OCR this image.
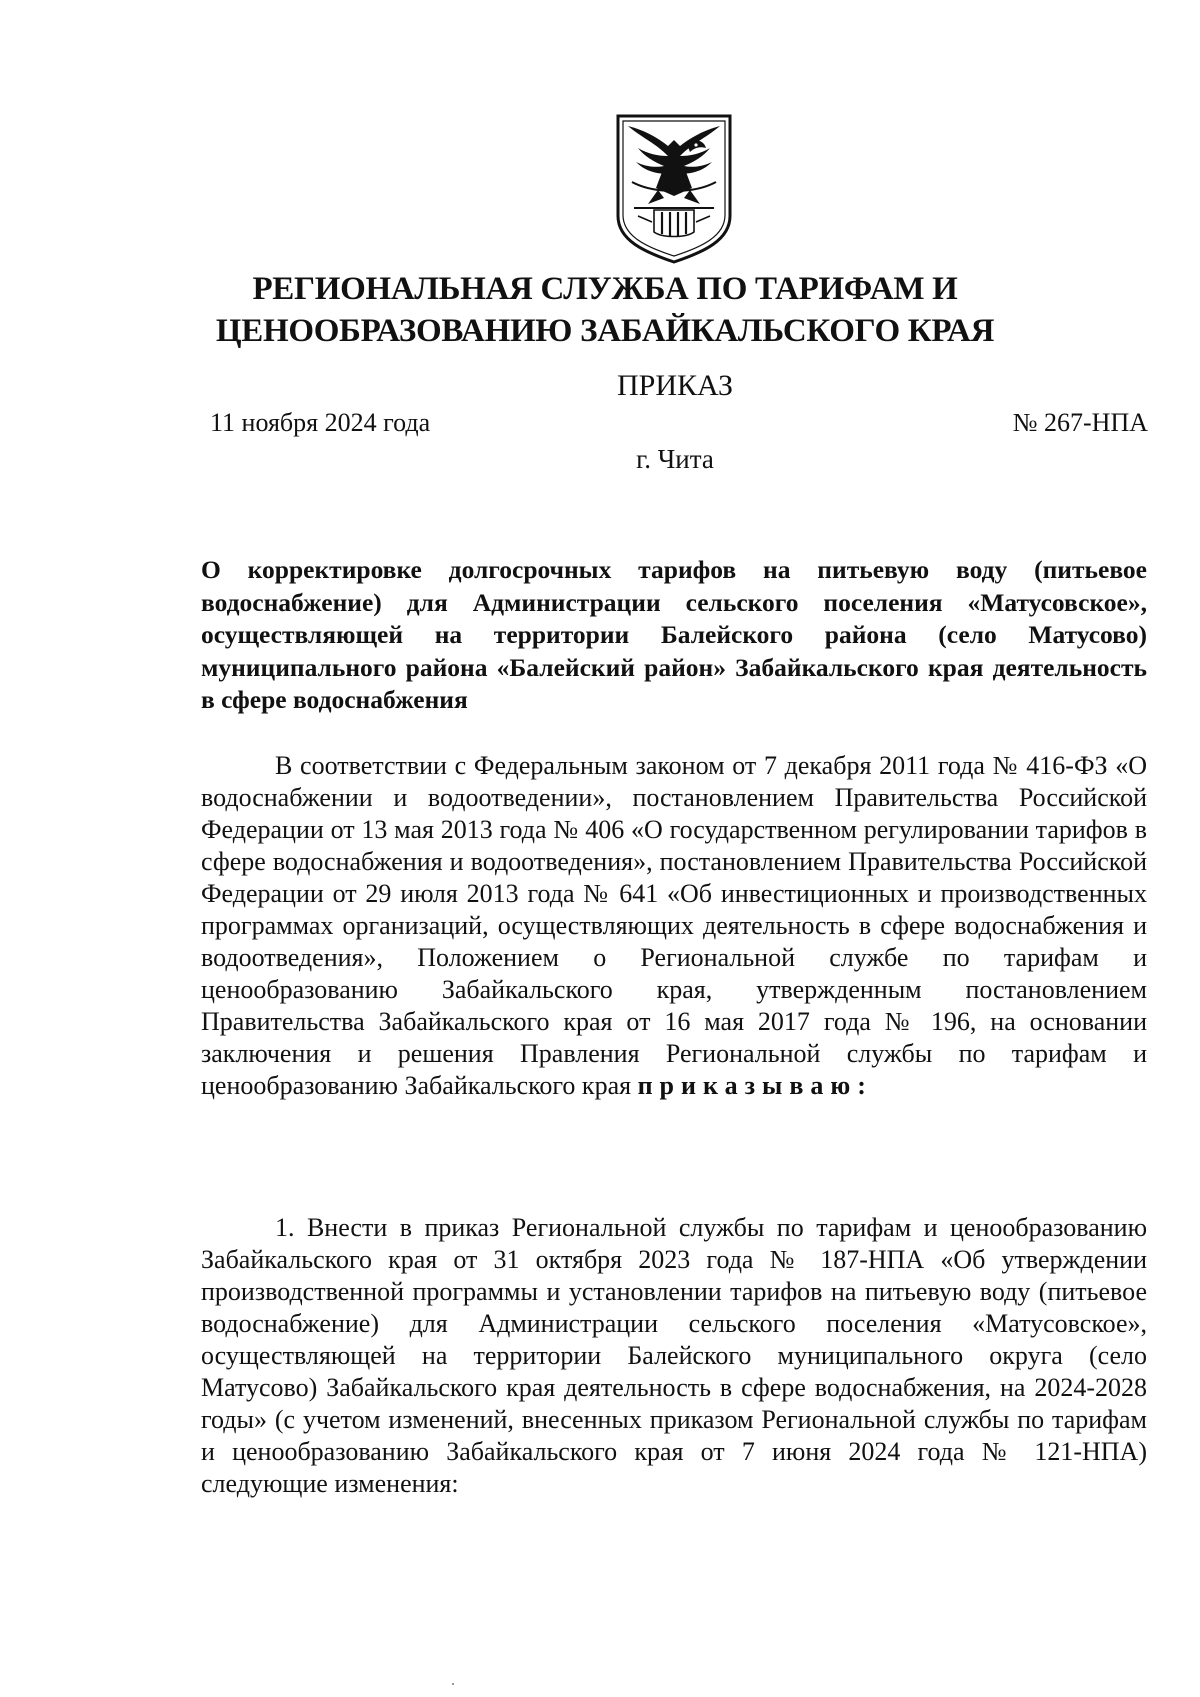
РЕГИОНАЛЬНАЯ СЛУЖБА ПО ТАРИФАМ И
ЦЕНООБРАЗОВАНИЮ ЗАБАЙКАЛЬСКОГО КРАЯ
ПРИКАЗ
11 ноября 2024 года	№ 267-НПА
г. Чита
О корректировке долгосрочных тарифов на питьевую воду (питьевое водоснабжение) для Администрации сельского поселения «Матусовское», осуществляющей на территории Балейского района (село Матусово) муниципального района «Балейский район» Забайкальского края деятельность в сфере водоснабжения
В соответствии с Федеральным законом от 7 декабря 2011 года № 416-ФЗ «О водоснабжении и водоотведении», постановлением Правительства Российской Федерации от 13 мая 2013 года № 406 «О государственном регулировании тарифов в сфере водоснабжения и водоотведения», постановлением Правительства Российской Федерации от 29 июля 2013 года № 641 «Об инвестиционных и производственных программах организаций, осуществляющих деятельность в сфере водоснабжения и водоотведения», Положением о Региональной службе по тарифам и ценообразованию Забайкальского края, утвержденным постановлением Правительства Забайкальского края от 16 мая 2017 года № 196, на основании заключения и решения Правления Региональной службы по тарифам и ценообразованию Забайкальского края приказываю:
1. Внести в приказ Региональной службы по тарифам и ценообразованию Забайкальского края от 31 октября 2023 года № 187-НПА «Об утверждении производственной программы и установлении тарифов на питьевую воду (питьевое водоснабжение) для Администрации сельского поселения «Матусовское», осуществляющей на территории Балейского муниципального округа (село Матусово) Забайкальского края деятельность в сфере водоснабжения, на 2024-2028 годы» (с учетом изменений, внесенных приказом Региональной службы по тарифам и ценообразованию Забайкальского края от 7 июня 2024 года № 121-НПА) следующие изменения:
